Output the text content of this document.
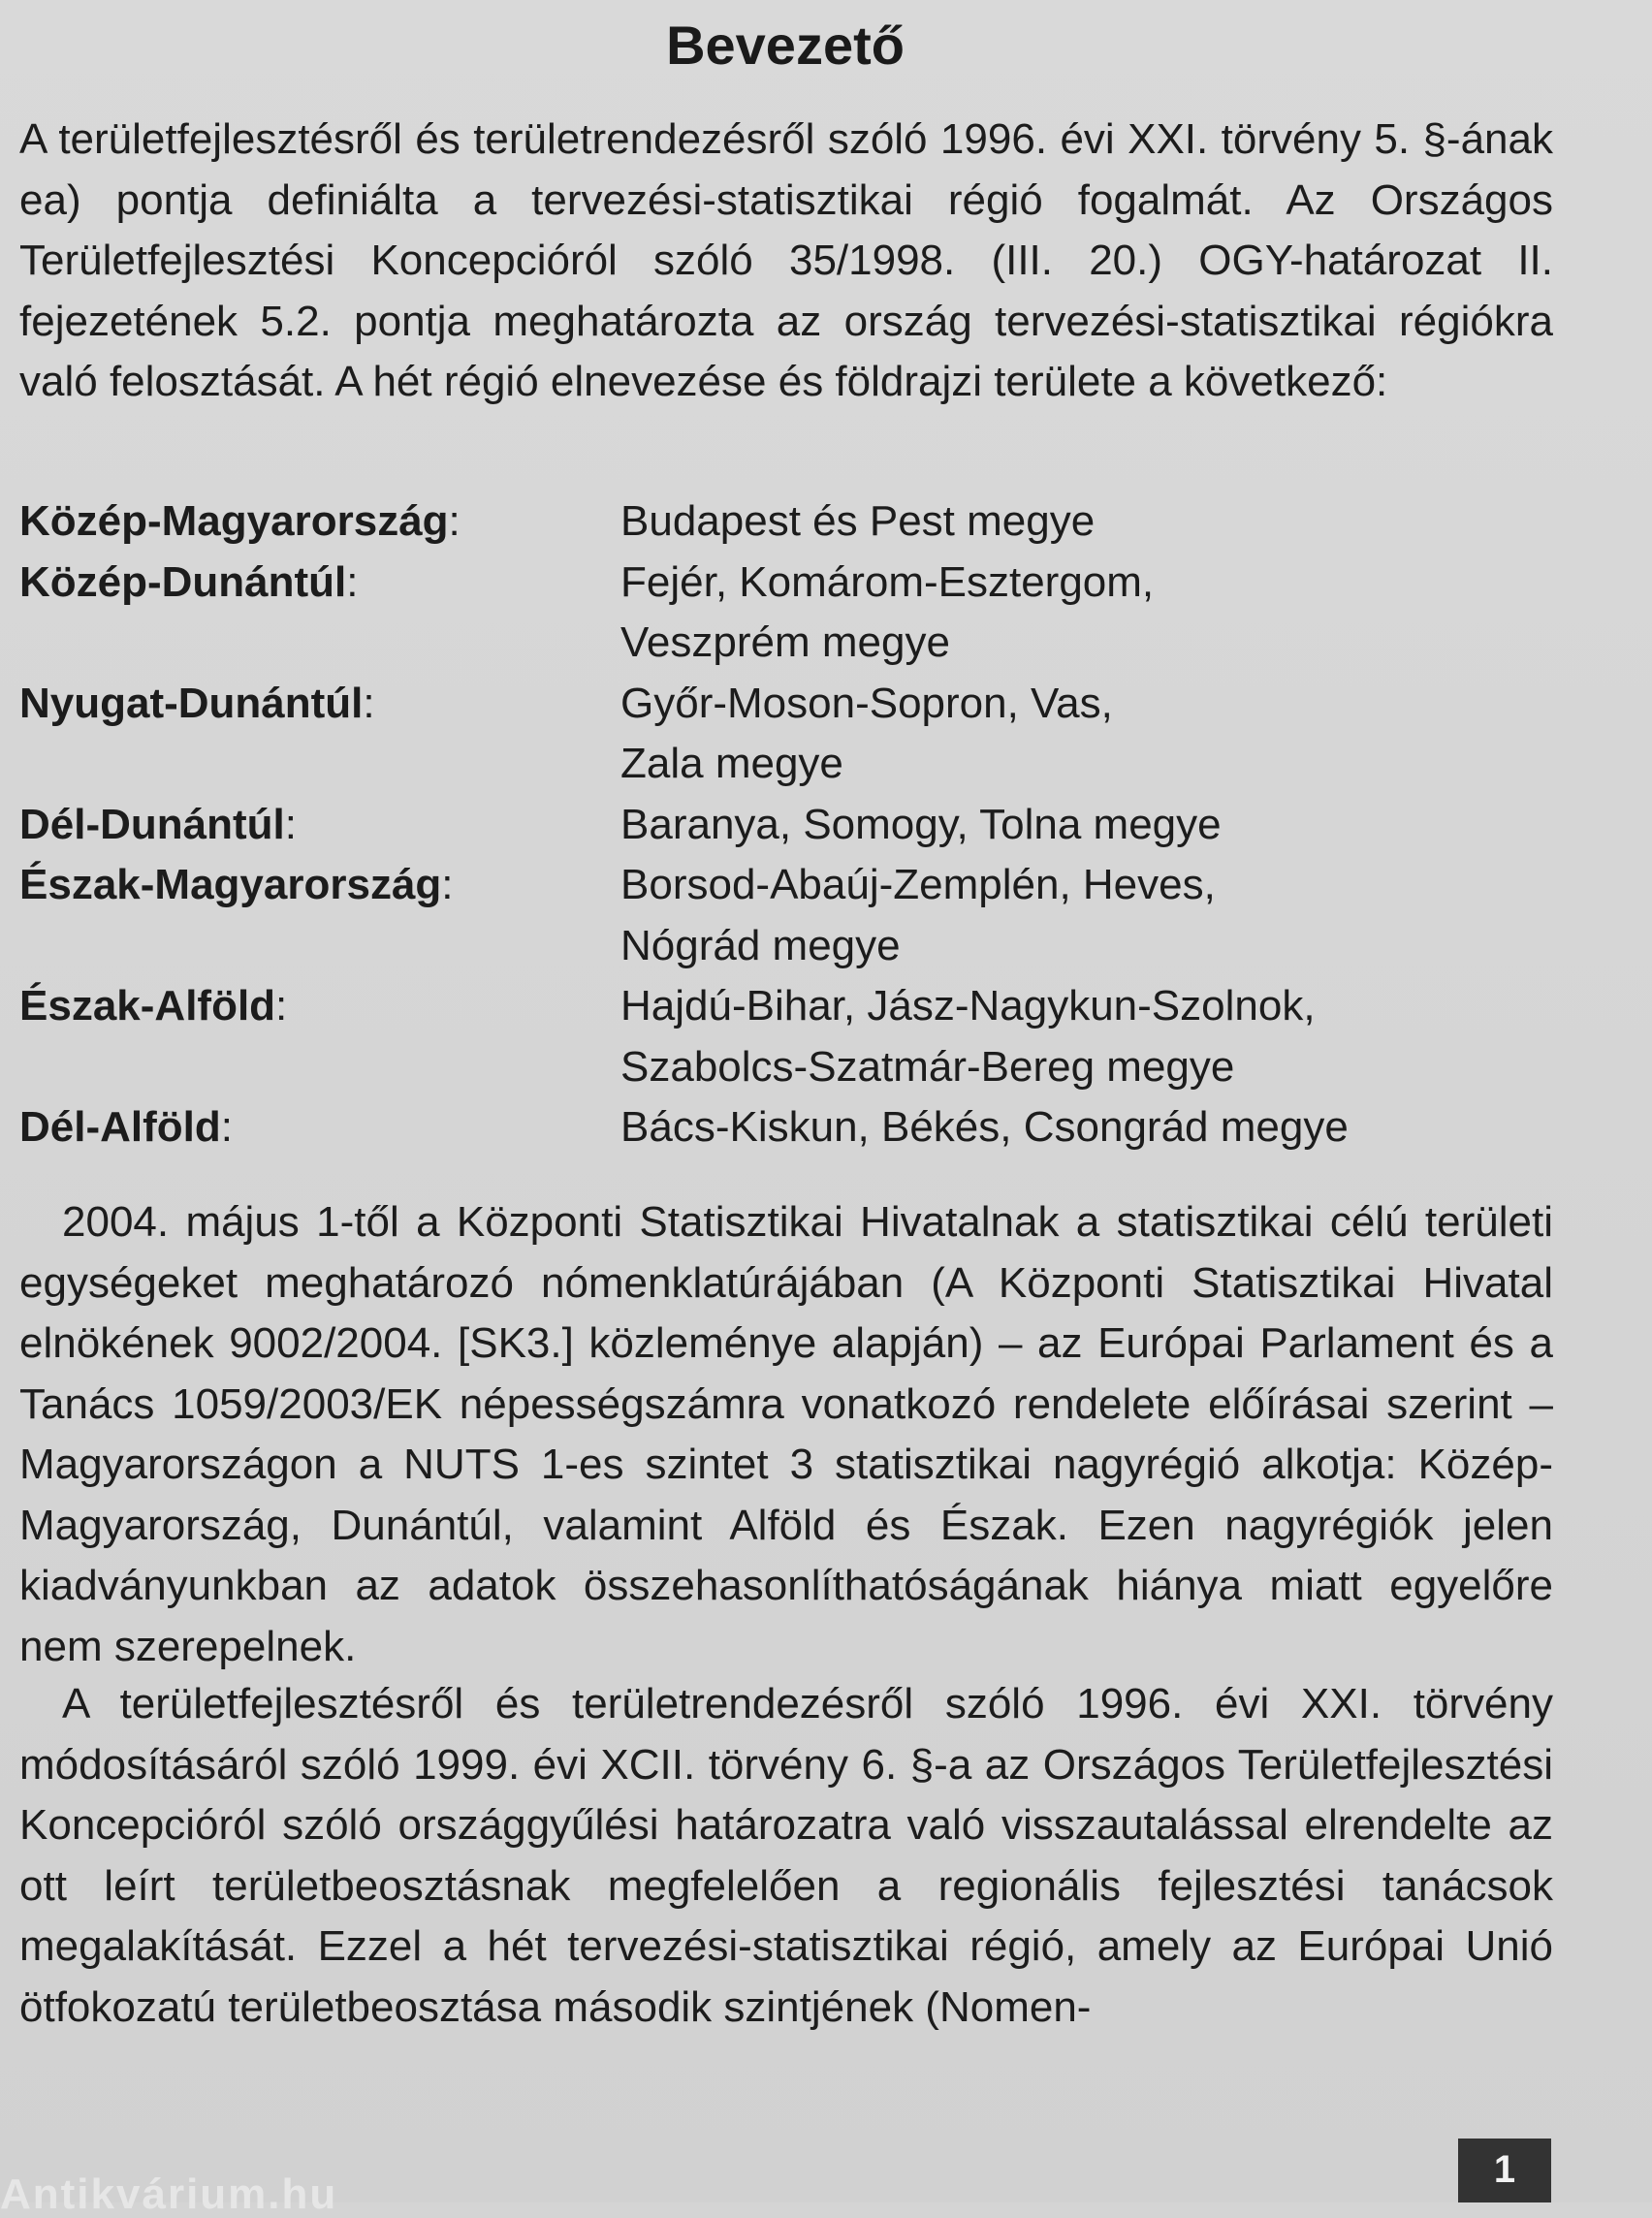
Bevezető

A területfejlesztésről és területrendezésről szóló 1996. évi XXI. törvény 5. §-ának ea) pontja definiálta a tervezési-statisztikai régió fogalmát. Az Országos Területfejlesztési Koncepcióról szóló 35/1998. (III. 20.) OGY-határozat II. fejezetének 5.2. pontja meghatározta az ország tervezési-statisztikai régiókra való felosztását. A hét régió elnevezése és földrajzi területe a következő:

Közép-Magyarország:	Budapest és Pest megye
Közép-Dunántúl:	Fejér, Komárom-Esztergom,
Veszprém megye
Nyugat-Dunántúl:	Győr-Moson-Sopron, Vas,
Zala megye
Dél-Dunántúl:	Baranya, Somogy, Tolna megye
Észak-Magyarország:	Borsod-Abaúj-Zemplén, Heves,
Nógrád megye
Észak-Alföld:	Hajdú-Bihar, Jász-Nagykun-Szolnok,
Szabolcs-Szatmár-Bereg megye
Dél-Alföld:	Bács-Kiskun, Békés, Csongrád megye

2004. május 1-től a Központi Statisztikai Hivatalnak a statisztikai célú területi egységeket meghatározó nómenklatúrájában (A Központi Statisztikai Hivatal elnökének 9002/2004. [SK3.] közleménye alapján) – az Európai Parlament és a Tanács 1059/2003/EK népességszámra vonatkozó rendelete előírásai szerint – Magyarországon a NUTS 1-es szintet 3 statisztikai nagyrégió alkotja: Közép-Magyarország, Dunántúl, valamint Alföld és Észak. Ezen nagyrégiók jelen kiadványunkban az adatok összehasonlíthatóságának hiánya miatt egyelőre nem szerepelnek.

A területfejlesztésről és területrendezésről szóló 1996. évi XXI. törvény módosításáról szóló 1999. évi XCII. törvény 6. §-a az Országos Területfejlesztési Koncepcióról szóló országgyűlési határozatra való visszautalással elrendelte az ott leírt területbeosztásnak megfelelően a regionális fejlesztési tanácsok megalakítását. Ezzel a hét tervezési-statisztikai régió, amely az Európai Unió ötfokozatú területbeosztása második szintjének (Nomen-

1
Antikvárium.hu
